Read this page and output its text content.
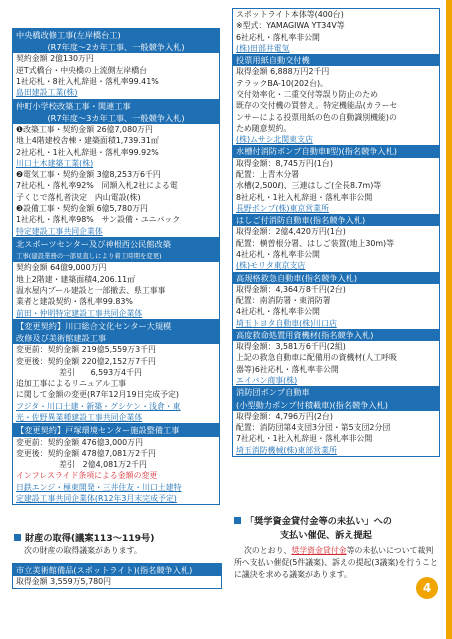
中央橋改修工事(左岸橋台工)
(R7年度〜2カ年工事、一般競争入札)
契約金額 2億130万円
逆T式橋台・中央橋の上流側左岸橋台
1社応札・8社入札辞退・落札率99.41%
島田建設工業(株)
仲町小学校改築工事・関連工事
(R7年度〜3カ年工事、一般競争入札)
❶改築工事・契約金額 26億7,080万円
地上4階建校舎棟・建築面積1,739.31㎡
2社応札・1社入札辞退・落札率99.92%
川口土木建築工業(株)
❷電気工事・契約金額 3億8,253万6千円
7社応札・落札率92%　同額入札2社による電
子くじで落札者決定　内山電設(株)
❸設備工事・契約金額 6億5,780万円
1社応札・落札率98%　サン設備・ユニバック
特定建設工事共同企業体
北スポーツセンター及び神根西公民館改築
工事(建設業務の一部見直しにより着工時期を変更)
契約金額 64億9,000万円
地上2階建・建築面積4,206.11㎡
温水屋内プール建設と一部撤去、県工事事
業者と建設契約・落札率99.83%
前田・仲明特定建設工事共同企業体
【変更契約】川口総合文化センター大規模
改修及び美術館建設工事
変更前：契約金額 219億5,559万3千円
変更後：契約金額 220億2,152万7千円
差引　　6,593万4千円
追加工事によるリニュアル工事
に関して金額の変更(R7年12月19日完成予定)
フジタ・川口土建・新築・グシケン・浅倉・東
光・佐野異業種建設工事共同企業体
【変更契約】戸塚環境センター施設整備工事
変更前：契約金額 476億3,000万円
変更後：契約金額 478億7,081万2千円
差引　2億4,081万2千円
インフレスライド条項による金額の変更
日鉄エンジ・極東開発・三井住友・川口土建特
定建設工事共同企業体(R12年3月末完成予定)
財産の取得(議案113〜119号)
次の財産の取得議案があります。
市立美術館備品(スポットライト)(指名競争入札)
取得金額 3,559万5,780円
スポットライト本体等(400台)
※型式：YAMAGIWA YT34V等
6社応札・落札率非公開
(株)田部井電気
投票用紙自動交付機
取得金額 6,888万円2千円
テラックBA-10(202台)。
交付効率化・二重交付等誤り防止のため
既存の交付機の買替え。特定機能品(カラーセ
ンサーによる投票用紙の色の自動識別機能)の
ため随意契約。
(株)ムサシ北関東支店
水槽付消防ポンプ自動車Ⅱ型)(指名競争入札)
取得金額：8,745万円(1台)
配置：上青木分署
水槽(2,500ℓ)、三連はしご(全長8.7m)等
8社応札・1社入札辞退・落札率非公開
長野ポンプ(株)東京営業所
はしご付消防自動車(指名競争入札)
取得金額：2億4,420万円(1台)
配置：横曽根分署、はしご装置(地上30m)等
4社応札・落札率非公開
(株)モリタ東京支店
高規格救急自動車(指名競争入札)
取得金額：4,364万8千円(2台)
配置：南消防署・東消防署
4社応札・落札率非公開
埼玉トヨタ自動車(株)川口店
高度救命処置用資機材(指名競争入札)
取得金額：3,581万6千円(2組)
上記の救急自動車に配備用の資機材(人工呼吸
器等)6社応札・落札率非公開
エイバン商事(株)
消防団ポンプ自動車
(小型動力ポンプ付積載車)(指名競争入札)
取得金額：4,796万円(2台)
配置：消防団第4支団3分団・第5支団2分団
7社応札・1社入札辞退・落札率非公開
埼玉消防機械(株)東部営業所
「奨学資金貸付金等の未払い」への
支払い催促、訴え提起
次のとおり、奨学資金貸付金等の未払いについて裁判所へ支払い催促(5件議案)、訴えの提起(3議案)を行うことに議決を求める議案があります。
4
